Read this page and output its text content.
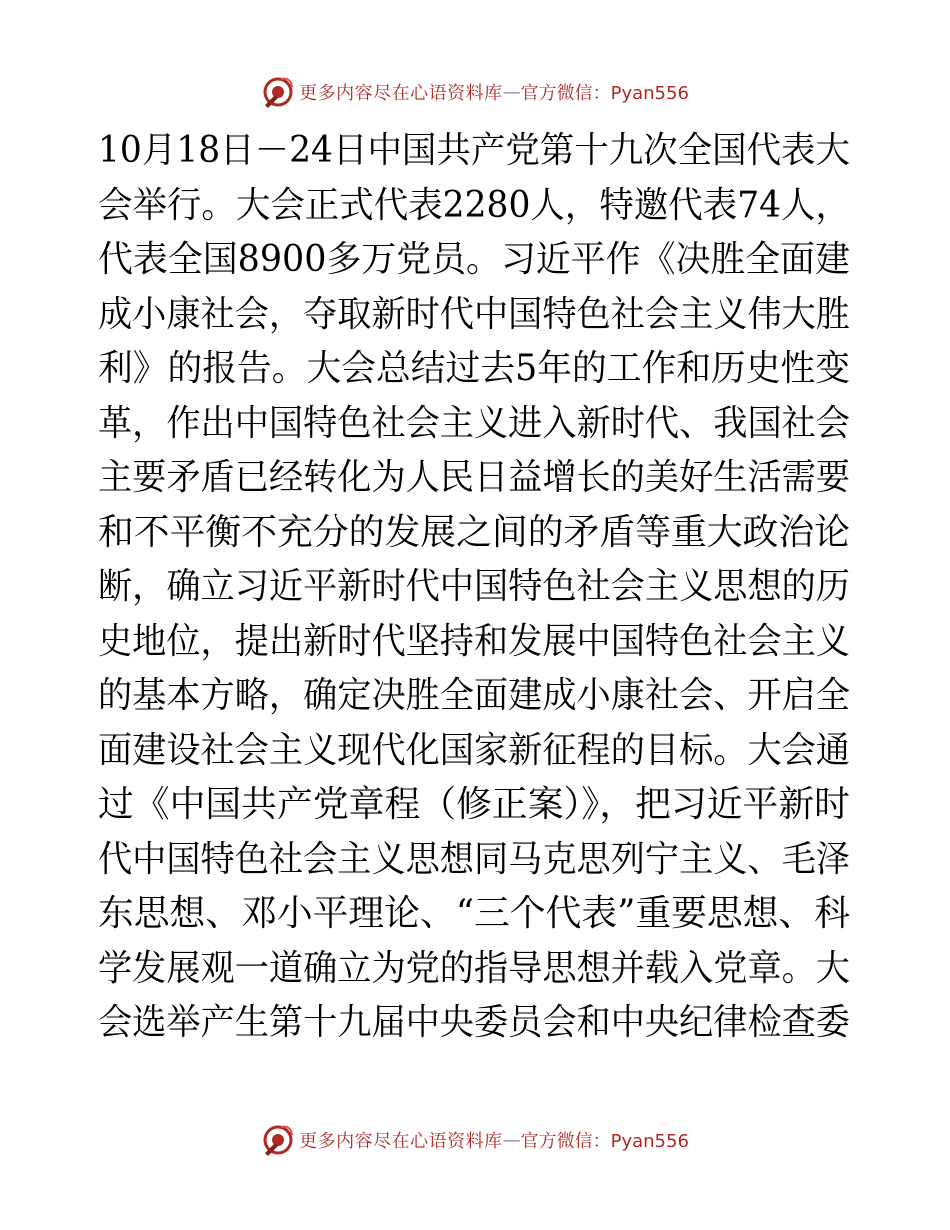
更多内容尽在心语资料库 — 官方微信：Pyan556
10月18日－24日中国共产党第十九次全国代表大
会举行。大会正式代表2280人，特邀代表74人，
代表全国8900多万党员。习近平作《决胜全面建
成小康社会，夺取新时代中国特色社会主义伟大胜
利》的报告。大会总结过去5年的工作和历史性变
革，作出中国特色社会主义进入新时代、我国社会
主要矛盾已经转化为人民日益增长的美好生活需要
和不平衡不充分的发展之间的矛盾等重大政治论
断，确立习近平新时代中国特色社会主义思想的历
史地位，提出新时代坚持和发展中国特色社会主义
的基本方略，确定决胜全面建成小康社会、开启全
面建设社会主义现代化国家新征程的目标。大会通
过《中国共产党章程（修正案）》，把习近平新时
代中国特色社会主义思想同马克思列宁主义、毛泽
东思想、邓小平理论、“三个代表”重要思想、科
学发展观一道确立为党的指导思想并载入党章。大
会选举产生第十九届中央委员会和中央纪律检查委
更多内容尽在心语资料库 — 官方微信：Pyan556
